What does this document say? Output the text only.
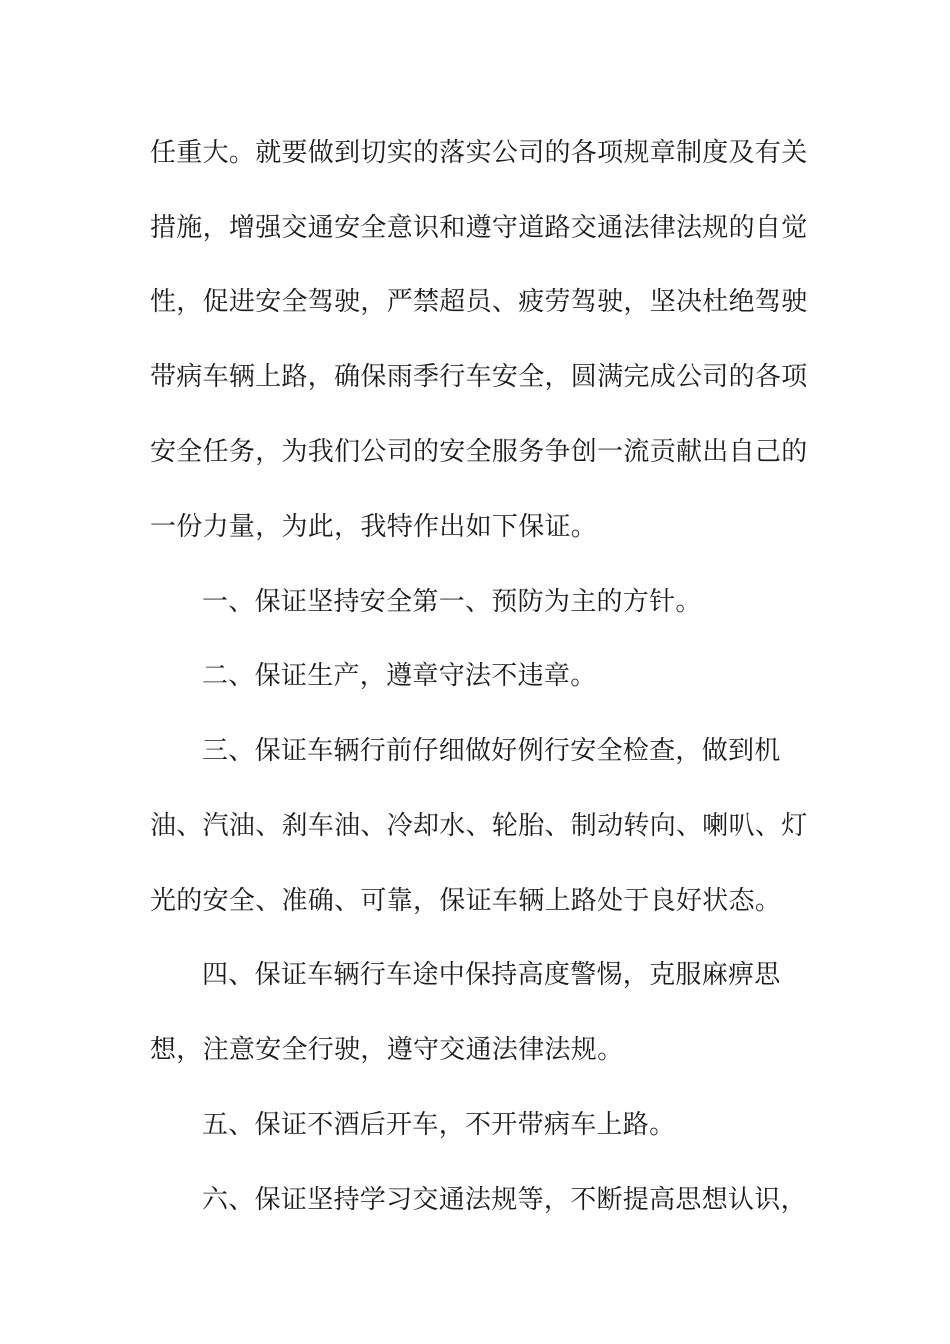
任重大。就要做到切实的落实公司的各项规章制度及有关
措施，增强交通安全意识和遵守道路交通法律法规的自觉
性，促进安全驾驶，严禁超员、疲劳驾驶，坚决杜绝驾驶
带病车辆上路，确保雨季行车安全，圆满完成公司的各项
安全任务，为我们公司的安全服务争创一流贡献出自己的
一份力量，为此，我特作出如下保证。
一、保证坚持安全第一、预防为主的方针。
二、保证生产，遵章守法不违章。
三、保证车辆行前仔细做好例行安全检查，做到机
油、汽油、刹车油、冷却水、轮胎、制动转向、喇叭、灯
光的安全、准确、可靠，保证车辆上路处于良好状态。
四、保证车辆行车途中保持高度警惕，克服麻痹思
想，注意安全行驶，遵守交通法律法规。
五、保证不酒后开车，不开带病车上路。
六、保证坚持学习交通法规等，不断提高思想认识，
